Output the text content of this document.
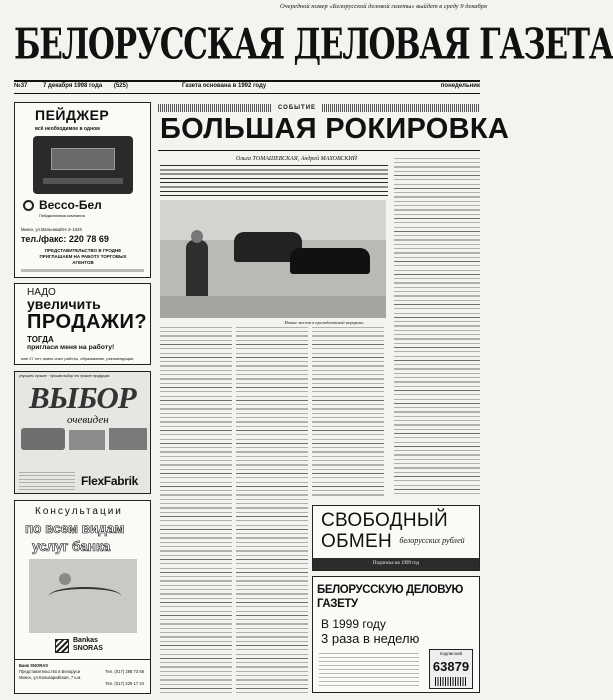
Очередной номер «Белорусской деловой газеты» выйдет в среду 9 декабря
БЕЛОРУССКАЯ ДЕЛОВАЯ ГАЗЕТА
№37	7 декабря 1998 года (525)	Газета основана в 1992 году	понедельник
ПЕЙДЖЕР
всё необходимое в одном
Вессо-Бел
Пейджинговая компания
Минск, ул.Мельникайте 2–1020
тел./факс: 220 78 69
ПРЕДСТАВИТЕЛЬСТВО В ГРОДНЕ ПРИГЛАШАЕМ НА РАБОТУ ТОРГОВЫХ АГЕНТОВ
НАДО
увеличить
ПРОДАЖИ?
ТОГДА
пригласи меня на работу!
мне 27 лет, имею опыт работы, образование, рекомендации
улучшить лучшее · лучшим выбор это лучшее продукция
ВЫБОР
очевиден
FlexFabrik
Консультации
по всем видам
услуг банка
Bankas SNORAS
Банк SNORAS
Представительство в Беларуси
Минск, ул.Кальварийская, 7 к.м.
Тел. (017) 288 73 68
Тел. (017) 229 17 24
СОБЫТИЕ
БОЛЬШАЯ РОКИРОВКА
Ольга ТОМАШЕВСКАЯ, Андрей МАХОВСКИЙ
Новые места в президентской иерархии
СВОБОДНЫЙ
ОБМЕН белорусских рублей
Подписка на 1999 год
БЕЛОРУССКУЮ ДЕЛОВУЮ ГАЗЕТУ
В 1999 году
3 раза в неделю
подписной
63879
